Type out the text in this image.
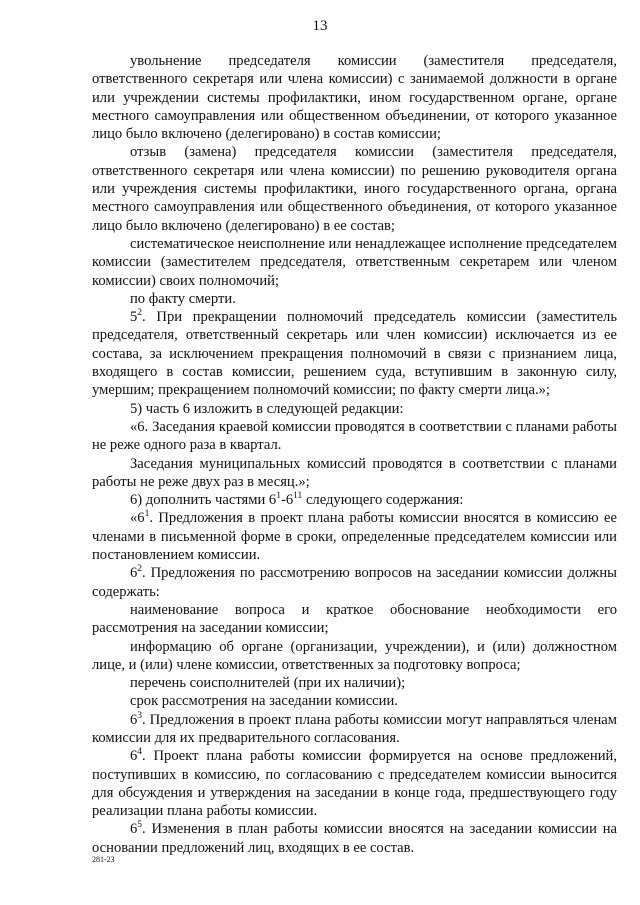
13

увольнение председателя комиссии (заместителя председателя, ответственного секретаря или члена комиссии) с занимаемой должности в органе или учреждении системы профилактики, ином государственном органе, органе местного самоуправления или общественном объединении, от которого указанное лицо было включено (делегировано) в состав комиссии;

отзыв (замена) председателя комиссии (заместителя председателя, ответственного секретаря или члена комиссии) по решению руководителя органа или учреждения системы профилактики, иного государственного органа, органа местного самоуправления или общественного объединения, от которого указанное лицо было включено (делегировано) в ее состав;

систематическое неисполнение или ненадлежащее исполнение председателем комиссии (заместителем председателя, ответственным секретарем или членом комиссии) своих полномочий;

по факту смерти.

$5^2$. При прекращении полномочий председатель комиссии (заместитель председателя, ответственный секретарь или член комиссии) исключается из ее состава, за исключением прекращения полномочий в связи с признанием лица, входящего в состав комиссии, решением суда, вступившим в законную силу, умершим; прекращением полномочий комиссии; по факту смерти лица.»;

5) часть 6 изложить в следующей редакции:

«6. Заседания краевой комиссии проводятся в соответствии с планами работы не реже одного раза в квартал.

Заседания муниципальных комиссий проводятся в соответствии с планами работы не реже двух раз в месяц.»;

6) дополнить частями $6^1-6^{11}$ следующего содержания:

«$6^1$. Предложения в проект плана работы комиссии вносятся в комиссию ее членами в письменной форме в сроки, определенные председателем комиссии или постановлением комиссии.

$6^2$. Предложения по рассмотрению вопросов на заседании комиссии должны содержать:

наименование вопроса и краткое обоснование необходимости его рассмотрения на заседании комиссии;

информацию об органе (организации, учреждении), и (или) должностном лице, и (или) члене комиссии, ответственных за подготовку вопроса;

перечень соисполнителей (при их наличии);

срок рассмотрения на заседании комиссии.

$6^3$. Предложения в проект плана работы комиссии могут направляться членам комиссии для их предварительного согласования.

$6^4$. Проект плана работы комиссии формируется на основе предложений, поступивших в комиссию, по согласованию с председателем комиссии выносится для обсуждения и утверждения на заседании в конце года, предшествующего году реализации плана работы комиссии.

$6^5$. Изменения в план работы комиссии вносятся на заседании комиссии на основании предложений лиц, входящих в ее состав.

281-23
